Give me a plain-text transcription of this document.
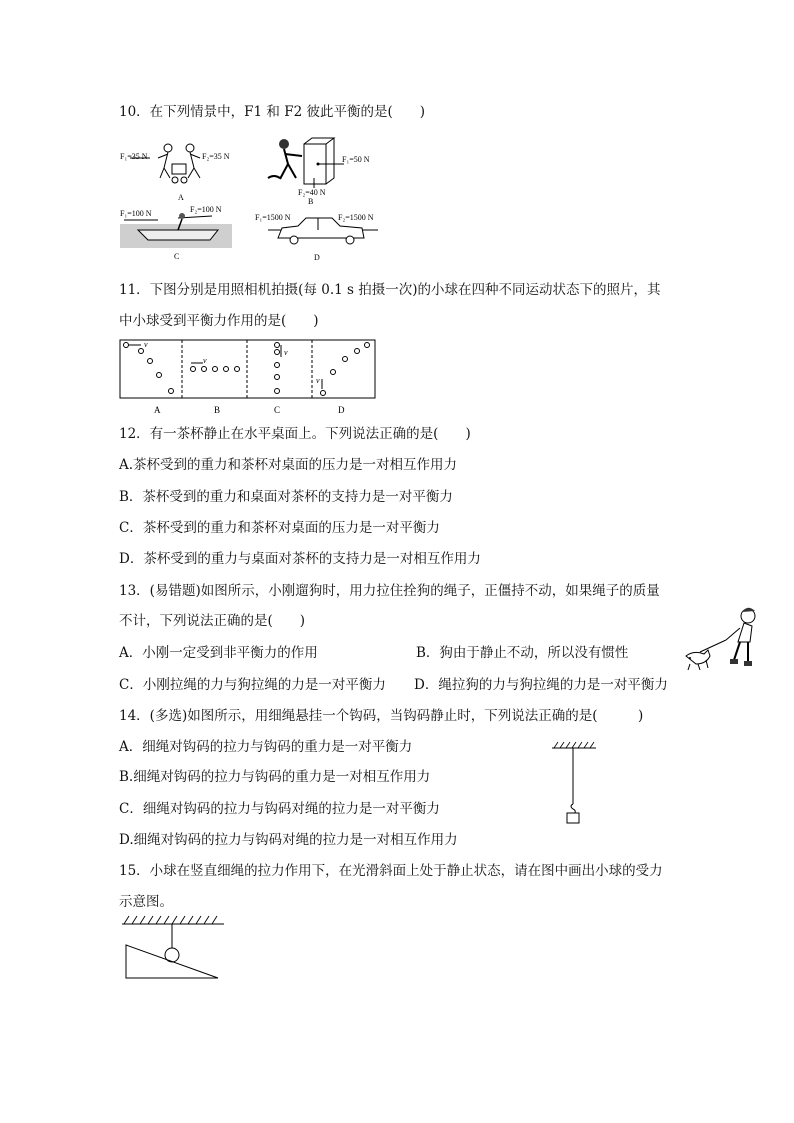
10．在下列情景中，F1 和 F2 彼此平衡的是(　　)
F₁=35 N	F₂=35 N
A
F₁=50 N
F₂=40 N
B
F₁=100 N	F₂=100 N
C
F₁=1500 N	F₂=1500 N
D
11．下图分别是用照相机拍摄(每 0.1 s 拍摄一次)的小球在四种不同运动状态下的照片，其
中小球受到平衡力作用的是(　　)
v
v
v
v
A	B	C	D
12．有一茶杯静止在水平桌面上。下列说法正确的是(　　)
A.茶杯受到的重力和茶杯对桌面的压力是一对相互作用力
B．茶杯受到的重力和桌面对茶杯的支持力是一对平衡力
C．茶杯受到的重力和茶杯对桌面的压力是一对平衡力
D．茶杯受到的重力与桌面对茶杯的支持力是一对相互作用力
13．(易错题)如图所示，小刚遛狗时，用力拉住拴狗的绳子，正僵持不动，如果绳子的质量
不计，下列说法正确的是(　　)
A．小刚一定受到非平衡力的作用	B．狗由于静止不动，所以没有惯性
C．小刚拉绳的力与狗拉绳的力是一对平衡力 D．绳拉狗的力与狗拉绳的力是一对平衡力
14．(多选)如图所示，用细绳悬挂一个钩码，当钩码静止时，下列说法正确的是(　　　)
A．细绳对钩码的拉力与钩码的重力是一对平衡力
B.细绳对钩码的拉力与钩码的重力是一对相互作用力
C．细绳对钩码的拉力与钩码对绳的拉力是一对平衡力
D.细绳对钩码的拉力与钩码对绳的拉力是一对相互作用力
15．小球在竖直细绳的拉力作用下，在光滑斜面上处于静止状态，请在图中画出小球的受力
示意图。
